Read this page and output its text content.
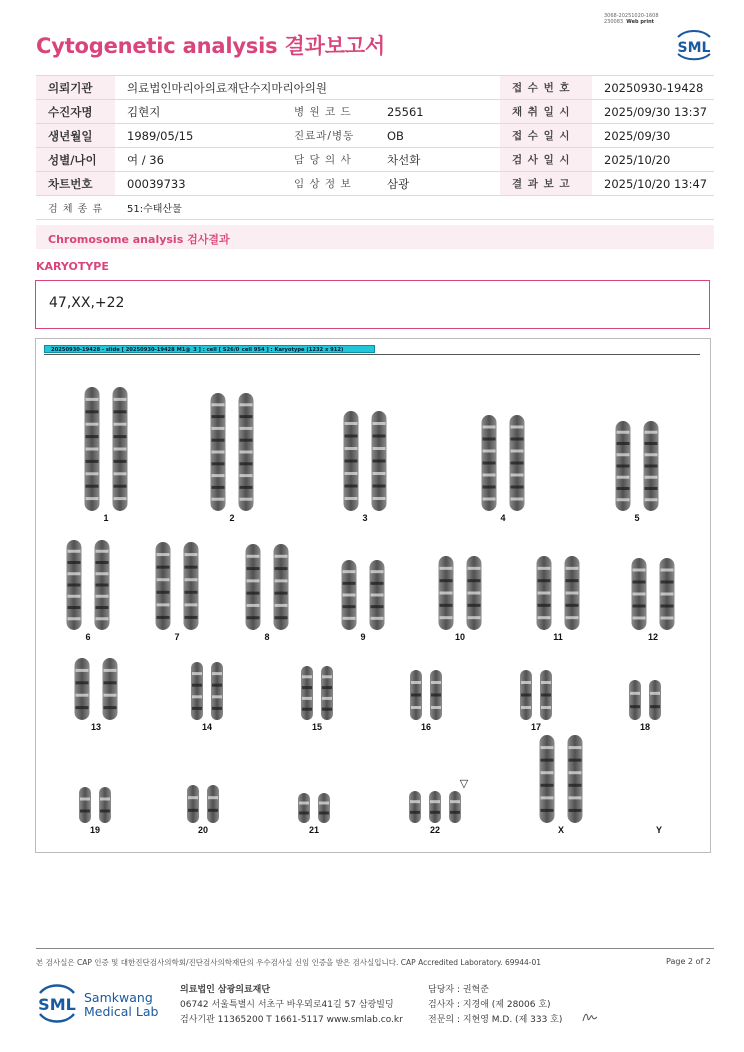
3068-20251020-1608
230083 Web print
Cytogenetic analysis 결과보고서	SML
의뢰기관	의료법인마리아의료재단수지마리아의원			접 수 번 호	20250930-19428
수진자명	김현지	병 원 코 드	25561	채 취 일 시	2025/09/30 13:37
생년월일	1989/05/15	진료과/병동	OB	접 수 일 시	2025/09/30
성별/나이	여 / 36	담 당 의 사	차선화	검 사 일 시	2025/10/20
차트번호	00039733	임 상 정 보	삼광	결 과 보 고	2025/10/20 13:47
검 체 종 류	51:수태산물				
Chromosome analysis 검사결과
KARYOTYPE
47,XX,+22
20250930-19428 - slide [ 20250930-19428 M1@_3 ] : cell [ S26/0_cell 954 ] : Karyotype (1232 x 912)
1	2	3	4	5
6	7	8	9	10	11	12
13	14	15	16	17	18
19	20	21	22	X	Y
▽
본 검사실은 CAP 인증 및 대한진단검사의학회/진단검사의학재단의 우수검사실 신임 인증을 받은 검사실입니다. CAP Accredited Laboratory. 69944-01	Page 2 of 2
SML Samkwang
Medical Lab
의료법인 삼광의료재단
06742 서울특별시 서초구 바우뫼로41길 57 삼광빌딩
검사기관 11365200 T 1661-5117 www.smlab.co.kr
담당자 : 권혁준
검사자 : 지경애 (제 28006 호)
전문의 : 지현영 M.D. (제 333 호)
